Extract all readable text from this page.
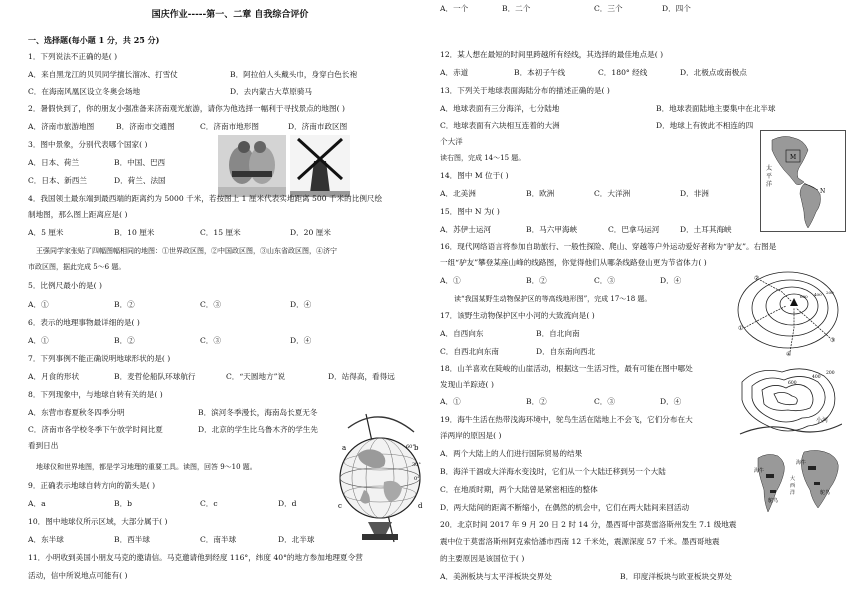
国庆作业-----第一、二章 自我综合评价
一、选择题(每小题 1 分，共 25 分)
1．下列说法不正确的是( )
A．来自黑龙江的贝贝同学擅长溜冰、打雪仗	B．阿拉伯人头戴头巾，身穿白色长袍
C．在海南风凰区设立冬奥会场地	D．去内蒙古大草原骑马
2．暑假快到了，你的朋友小强准备来济南观光旅游，请你为他选择一幅利于寻找景点的地图( )
A．济南市旅游地图	B．济南市交通图	C．济南市地形图	D．济南市政区图
3．图中景象，分别代表哪个国家( )
A．日本、荷兰	B．中国、巴西
C．日本、新西兰	D．荷兰、法国
4．我国领土最东端到最西端的距离约为 5000 千米，若按图上 1 厘米代表实地距离 500 千米的比例尺绘
制地图，那么图上距离应是( )
A．5 厘米	B．10 厘米	C．15 厘米	D．20 厘米
王强同学家张贴了四幅图幅相同的地图：①世界政区图，②中国政区图，③山东省政区图，④济宁
市政区图，据此完成 5～6 题。
5．比例尺最小的是( )
A．①	B．②	C．③	D．④
6．表示的地理事物最详细的是( )
A．①	B．②	C．③	D．④
7．下列事例不能正确说明地球形状的是( )
A．月食的形状	B．麦哲伦船队环球航行	C．“天圆地方”说	D．站得高，看得远
8．下列现象中，与地球自转有关的是( )
A．东营市春夏秋冬四季分明	B．滨河冬季漫长，海南岛长夏无冬
C．济南市各学校冬季下午放学时间比夏	D．北京的学生比乌鲁木齐的学生先
看到日出
地球仪和世界地图，都是学习地理的重要工具。读图，回答 9～10 题。
9．正确表示地球自转方向的箭头是( )
A．a	B．b	C．c	D．d
10．图中地球仪所示区域，大部分属于( )
A．东半球	B．西半球	C．南半球	D．北半球
11．小明收到美国小朋友马克的邀请信。马克邀请他到经度 116°，纬度 40°的地方参加地理夏令营
活动，信中所说地点可能有( )
a	b
c	d
0°
30°
60°
A．一个	B．二个	C．三个	D．四个
12．某人想在最短的时间里跨越所有经线，其选择的最佳地点是( )
A．赤道	B．本初子午线	C．180° 经线	D．北极点或南极点
13．下列关于地球表面海陆分布的描述正确的是( )
A．地球表面有三分海洋，七分陆地	B．地球表面陆地主要集中在北半球
C．地球表面有六块相互连着的大洲	D．地球上有彼此不相连的四
个大洋
读右图，完成 14～15 题。
14．图中 M 位于( )
A．北美洲	B．欧洲	C．大洋洲	D．非洲
15．图中 N 为( )
A．苏伊士运河	B．马六甲海峡	C．巴拿马运河	D．土耳其海峡
太
平
洋
N
M
16．现代网络语言将参加自助旅行、一般性探险、爬山、穿越等户外运动爱好者称为“驴友”。右图是
一组“驴友”攀登某座山峰的线路图，你觉得他们从哪条线路登山更为节省体力( )
A．①	B．②	C．③	D．④
读“我国某野生动物保护区的等高线地形图”，完成 17～18 题。
17．该野生动物保护区中小河的大致流向是( )
A．自西向东	B．自北向南
C．自西北向东南	D．自东南向西北
①
②
③
④
600 400 200
600
400
200
小河
18．山羊喜欢在陡峻的山崖活动，根据这一生活习性，最有可能在图中哪处
发现山羊踪迹( )
A．①	B．②	C．③	D．④
19．海牛生活在热带浅海环境中，鸵鸟生活在陆地上不会飞，它们分布在大
洋两岸的原因是( )
A．两个大陆上的人们进行国际贸易的结果
B．海洋干涸或大洋海水变浅时，它们从一个大陆迁移到另一个大陆
C．在地质时期，两个大陆曾是紧密相连的整体
D．两大陆间的距离不断缩小，在偶然的机会中，它们在两大陆间来回活动
海牛
鸵鸟
海牛
鸵鸟
大
西
洋
20．北京时间 2017 年 9 月 20 日 2 时 14 分，墨西哥中部莫雷洛斯州发生 7.1 级地震
震中位于莫雷洛斯州阿克索恰潘市西南 12 千米处，震源深度 57 千米。墨西哥地震
的主要原因是该国位于( )
A．美洲板块与太平洋板块交界处	B．印度洋板块与欧亚板块交界处
